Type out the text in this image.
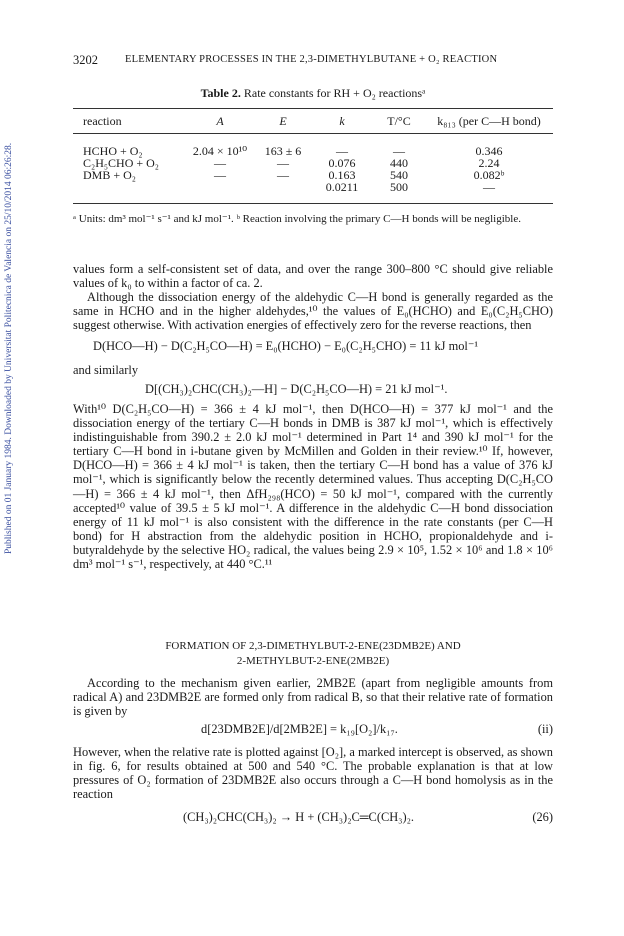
Published on 01 January 1984. Downloaded by Universitat Politecnica de Valencia on 25/10/2014 06:26:28.
3202	ELEMENTARY PROCESSES IN THE 2,3-DIMETHYLBUTANE + O₂ REACTION
Table 2. Rate constants for RH + O₂ reactionsᵃ
reaction	A	E	k	T/°C	k₈₁₃ (per C—H bond)

HCHO + O₂	2.04 × 10¹⁰	163 ± 6	—	—	0.346
C₂H₅CHO + O₂	—	—	0.076	440	2.24
DMB + O₂	—	—	0.163	540	0.082ᵇ
			0.0211	500	—
ᵃ Units: dm³ mol⁻¹ s⁻¹ and kJ mol⁻¹. ᵇ Reaction involving the primary C—H bonds will be negligible.

values form a self-consistent set of data, and over the range 300–800 °C should give reliable values of k₀ to within a factor of ca. 2.

Although the dissociation energy of the aldehydic C—H bond is generally regarded as the same in HCHO and in the higher aldehydes,¹⁰ the values of E₀(HCHO) and E₀(C₂H₅CHO) suggest otherwise. With activation energies of effectively zero for the reverse reactions, then

D(HCO—H) − D(C₂H₅CO—H) = E₀(HCHO) − E₀(C₂H₅CHO) = 11 kJ mol⁻¹

and similarly

D[(CH₃)₂CHC(CH₃)₂—H] − D(C₂H₅CO—H) = 21 kJ mol⁻¹.

With¹⁰ D(C₂H₅CO—H) = 366 ± 4 kJ mol⁻¹, then D(HCO—H) = 377 kJ mol⁻¹ and the dissociation energy of the tertiary C—H bonds in DMB is 387 kJ mol⁻¹, which is effectively indistinguishable from 390.2 ± 2.0 kJ mol⁻¹ determined in Part 1⁴ and 390 kJ mol⁻¹ for the tertiary C—H bond in i-butane given by McMillen and Golden in their review.¹⁰ If, however, D(HCO—H) = 366 ± 4 kJ mol⁻¹ is taken, then the tertiary C—H bond has a value of 376 kJ mol⁻¹, which is significantly below the recently determined values. Thus accepting D(C₂H₅CO—H) = 366 ± 4 kJ mol⁻¹, then ΔfH₂₉₈(HCO) = 50 kJ mol⁻¹, compared with the currently accepted¹⁰ value of 39.5 ± 5 kJ mol⁻¹. A difference in the aldehydic C—H bond dissociation energy of 11 kJ mol⁻¹ is also consistent with the difference in the rate constants (per C—H bond) for H abstraction from the aldehydic position in HCHO, propionaldehyde and i-butyraldehyde by the selective HO₂ radical, the values being 2.9 × 10⁵, 1.52 × 10⁶ and 1.8 × 10⁶ dm³ mol⁻¹ s⁻¹, respectively, at 440 °C.¹¹

FORMATION OF 2,3-DIMETHYLBUT-2-ENE(23DMB2E) AND
2-METHYLBUT-2-ENE(2MB2E)

According to the mechanism given earlier, 2MB2E (apart from negligible amounts from radical A) and 23DMB2E are formed only from radical B, so that their relative rate of formation is given by

d[23DMB2E]/d[2MB2E] = k₁₉[O₂]/k₁₇.	(ii)

However, when the relative rate is plotted against [O₂], a marked intercept is observed, as shown in fig. 6, for results obtained at 500 and 540 °C. The probable explanation is that at low pressures of O₂ formation of 23DMB2E also occurs through a C—H bond homolysis as in the reaction

(CH₃)₂CHC(CH₃)₂ → H + (CH₃)₂C═C(CH₃)₂.	(26)
